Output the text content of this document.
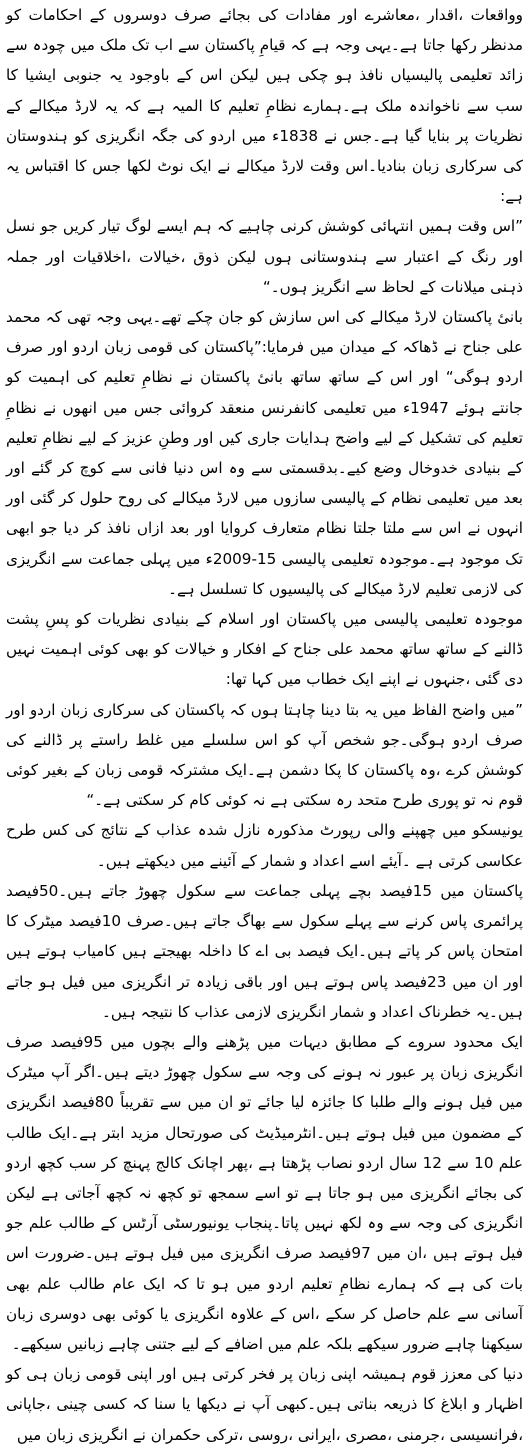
وواقعات ،اقدار ،معاشرے اور مفادات کی بجائے صرف دوسروں کے احکامات کو مدنظر رکھا جاتا ہے۔یہی وجہ ہے کہ قیامِ پاکستان سے اب تک ملک میں چودہ سے زائد تعلیمی پالیسیاں نافذ ہو چکی ہیں لیکن اس کے باوجود یہ جنوبی ایشیا کا سب سے ناخواندہ ملک ہے۔ہمارے نظامِ تعلیم کا المیہ ہے کہ یہ لارڈ میکالے کے نظریات پر بنایا گیا ہے۔جس نے 1838ء میں اردو کی جگہ انگریزی کو ہندوستان کی سرکاری زبان بنادیا۔اس وقت لارڈ میکالے نے ایک نوٹ لکھا جس کا اقتباس یہ ہے:

”اس وقت ہمیں انتہائی کوشش کرنی چاہیے کہ ہم ایسے لوگ تیار کریں جو نسل اور رنگ کے اعتبار سے ہندوستانی ہوں لیکن ذوق ،خیالات ،اخلاقیات اور جملہ ذہنی میلانات کے لحاظ سے انگریز ہوں۔“

بانیٔ پاکستان لارڈ میکالے کی اس سازش کو جان چکے تھے۔یہی وجہ تھی کہ محمد علی جناح نے ڈھاکہ کے میدان میں فرمایا:”پاکستان کی قومی زبان اردو اور صرف اردو ہوگی“ اور اس کے ساتھ ساتھ بانیٔ پاکستان نے نظامِ تعلیم کی اہمیت کو جانتے ہوئے 1947ء میں تعلیمی کانفرنس منعقد کروائی جس میں انھوں نے نظامِ تعلیم کی تشکیل کے لیے واضح ہدایات جاری کیں اور وطنِ عزیز کے لیے نظامِ تعلیم کے بنیادی خدوخال وضع کیے۔بدقسمتی سے وہ اس دنیا فانی سے کوچ کر گئے اور بعد میں تعلیمی نظام کے پالیسی سازوں میں لارڈ میکالے کی روح حلول کر گئی اور انہوں نے اس سے ملتا جلتا نظام متعارف کروایا اور بعد ازاں نافذ کر دیا جو ابھی تک موجود ہے۔موجودہ تعلیمی پالیسی 15-2009ء میں پہلی جماعت سے انگریزی کی لازمی تعلیم لارڈ میکالے کی پالیسیوں کا تسلسل ہے۔

موجودہ تعلیمی پالیسی میں پاکستان اور اسلام کے بنیادی نظریات کو پسِ پشت ڈالنے کے ساتھ ساتھ محمد علی جناح کے افکار و خیالات کو بھی کوئی اہمیت نہیں دی گئی ،جنہوں نے اپنے ایک خطاب میں کہا تھا:

”میں واضح الفاظ میں یہ بتا دینا چاہتا ہوں کہ پاکستان کی سرکاری زبان اردو اور صرف اردو ہوگی۔جو شخص آپ کو اس سلسلے میں غلط راستے پر ڈالنے کی کوشش کرے ،وہ پاکستان کا پکا دشمن ہے۔ایک مشترکہ قومی زبان کے بغیر کوئی قوم نہ تو پوری طرح متحد رہ سکتی ہے نہ کوئی کام کر سکتی ہے۔“

یونیسکو میں چھپنے والی رپورٹ مذکورہ نازل شدہ عذاب کے نتائج کی کس طرح عکاسی کرتی ہے ۔آیئے اسے اعداد و شمار کے آئینے میں دیکھتے ہیں۔

پاکستان میں 15فیصد بچے پہلی جماعت سے سکول چھوڑ جاتے ہیں۔50فیصد پرائمری پاس کرنے سے پہلے سکول سے بھاگ جاتے ہیں۔صرف 10فیصد میٹرک کا امتحان پاس کر پاتے ہیں۔ایک فیصد بی اے کا داخلہ بھیجتے ہیں کامیاب ہوتے ہیں اور ان میں 23فیصد پاس ہوتے ہیں اور باقی زیادہ تر انگریزی میں فیل ہو جاتے ہیں۔یہ خطرناک اعداد و شمار انگریزی لازمی عذاب کا نتیجہ ہیں۔

ایک محدود سروے کے مطابق دیہات میں پڑھنے والے بچوں میں 95فیصد صرف انگریزی زبان پر عبور نہ ہونے کی وجہ سے سکول چھوڑ دیتے ہیں۔اگر آپ میٹرک میں فیل ہونے والے طلبا کا جائزہ لیا جائے تو ان میں سے تقریباً 80فیصد انگریزی کے مضمون میں فیل ہوتے ہیں۔انٹرمیڈیٹ کی صورتحال مزید ابتر ہے۔ایک طالب علم 10 سے 12 سال اردو نصاب پڑھتا ہے ،پھر اچانک کالج پہنچ کر سب کچھ اردو کی بجائے انگریزی میں ہو جاتا ہے تو اسے سمجھ تو کچھ نہ کچھ آجاتی ہے لیکن انگریزی کی وجہ سے وہ لکھ نہیں پاتا۔پنجاب یونیورسٹی آرٹس کے طالب علم جو فیل ہوتے ہیں ،ان میں 97فیصد صرف انگریزی میں فیل ہوتے ہیں۔ضرورت اس بات کی ہے کہ ہمارے نظامِ تعلیم اردو میں ہو تا کہ ایک عام طالب علم بھی آسانی سے علم حاصل کر سکے ،اس کے علاوہ انگریزی یا کوئی بھی دوسری زبان سیکھنا چاہے ضرور سیکھے بلکہ علم میں اضافے کے لیے جتنی چاہے زبانیں سیکھے۔

دنیا کی معزز قوم ہمیشہ اپنی زبان پر فخر کرتی ہیں اور اپنی قومی زبان ہی کو اظہار و ابلاغ کا ذریعہ بناتی ہیں۔کبھی آپ نے دیکھا یا سنا کہ کسی چینی ،جاپانی ،فرانسیسی ،جرمنی ،مصری ،ایرانی ،روسی ،ترکی حکمران نے انگریزی زبان میں
